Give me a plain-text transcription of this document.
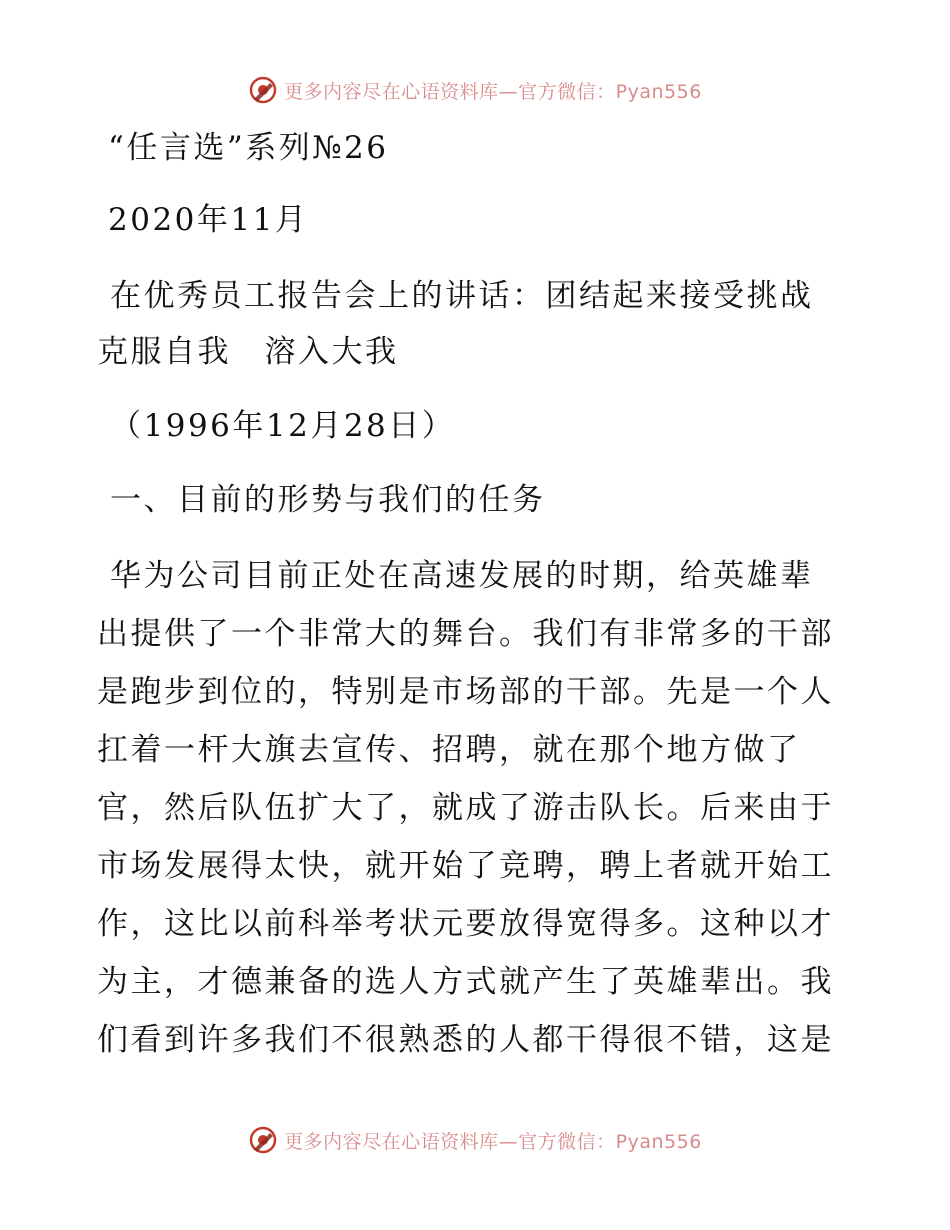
更多内容尽在心语资料库—官方微信：Pyan556
“任言选”系列№26
2020年11月
在优秀员工报告会上的讲话：团结起来接受挑战
克服自我　溶入大我
（1996年12月28日）
一、目前的形势与我们的任务
华为公司目前正处在高速发展的时期，给英雄辈
出提供了一个非常大的舞台。我们有非常多的干部
是跑步到位的，特别是市场部的干部。先是一个人
扛着一杆大旗去宣传、招聘，就在那个地方做了
官，然后队伍扩大了，就成了游击队长。后来由于
市场发展得太快，就开始了竞聘，聘上者就开始工
作，这比以前科举考状元要放得宽得多。这种以才
为主，才德兼备的选人方式就产生了英雄辈出。我
们看到许多我们不很熟悉的人都干得很不错，这是
更多内容尽在心语资料库—官方微信：Pyan556
